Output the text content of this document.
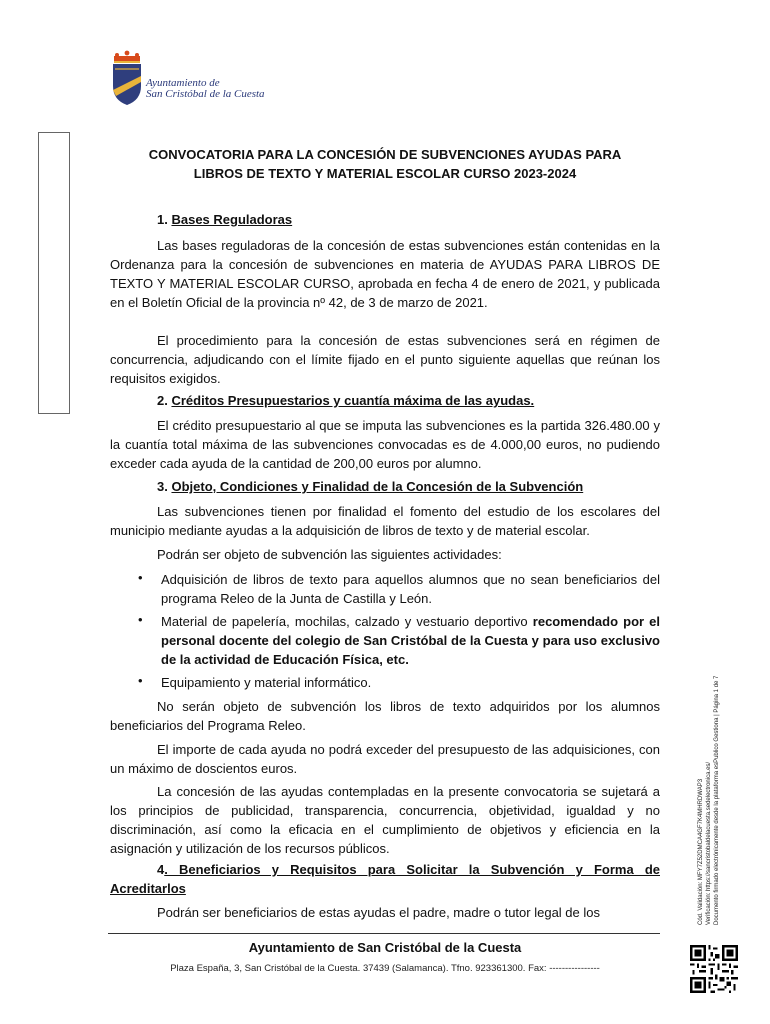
Ayuntamiento de
San Cristóbal de la Cuesta
CONVOCATORIA PARA LA CONCESIÓN DE SUBVENCIONES AYUDAS PARA
LIBROS DE TEXTO Y MATERIAL ESCOLAR CURSO 2023-2024
1. Bases Reguladoras
Las bases reguladoras de la concesión de estas subvenciones están contenidas en la Ordenanza para la concesión de subvenciones en materia de AYUDAS PARA LIBROS DE TEXTO Y MATERIAL ESCOLAR CURSO, aprobada en fecha 4 de enero de 2021, y publicada en el Boletín Oficial de la provincia nº 42, de 3 de marzo de 2021.
El procedimiento para la concesión de estas subvenciones será en régimen de concurrencia, adjudicando con el límite fijado en el punto siguiente aquellas que reúnan los requisitos exigidos.
2. Créditos Presupuestarios y cuantía máxima de las ayudas.
El crédito presupuestario al que se imputa las subvenciones es la partida 326.480.00 y la cuantía total máxima de las subvenciones convocadas es de 4.000,00 euros, no pudiendo exceder cada ayuda de la cantidad de 200,00 euros por alumno.
3. Objeto, Condiciones y Finalidad de la Concesión de la Subvención
Las subvenciones tienen por finalidad el fomento del estudio de los escolares del municipio mediante ayudas a la adquisición de libros de texto y de material escolar.
Podrán ser objeto de subvención las siguientes actividades:
• Adquisición de libros de texto para aquellos alumnos que no sean beneficiarios del programa Releo de la Junta de Castilla y León.
• Material de papelería, mochilas, calzado y vestuario deportivo recomendado por el personal docente del colegio de San Cristóbal de la Cuesta y para uso exclusivo de la actividad de Educación Física, etc.
• Equipamiento y material informático.
No serán objeto de subvención los libros de texto adquiridos por los alumnos beneficiarios del Programa Releo.
El importe de cada ayuda no podrá exceder del presupuesto de las adquisiciones, con un máximo de doscientos euros.
La concesión de las ayudas contempladas en la presente convocatoria se sujetará a los principios de publicidad, transparencia, concurrencia, objetividad, igualdad y no discriminación, así como la eficacia en el cumplimiento de objetivos y eficiencia en la asignación y utilización de los recursos públicos.
4. Beneficiarios y Requisitos para Solicitar la Subvención y Forma de Acreditarlos
Podrán ser beneficiarios de estas ayudas el padre, madre o tutor legal de los
Ayuntamiento de San Cristóbal de la Cuesta
Plaza España, 3, San Cristóbal de la Cuesta. 37439 (Salamanca). Tfno. 923361300. Fax: ----------------
Cód. Validación: MFY7Z52DMCA4GF7K4MHRDWAP3 Verificación: https://sancristobaldelacuesta.sedelectronica.es/ Documento firmado electrónicamente desde la plataforma esPublico Gestiona | Página 1 de 7
